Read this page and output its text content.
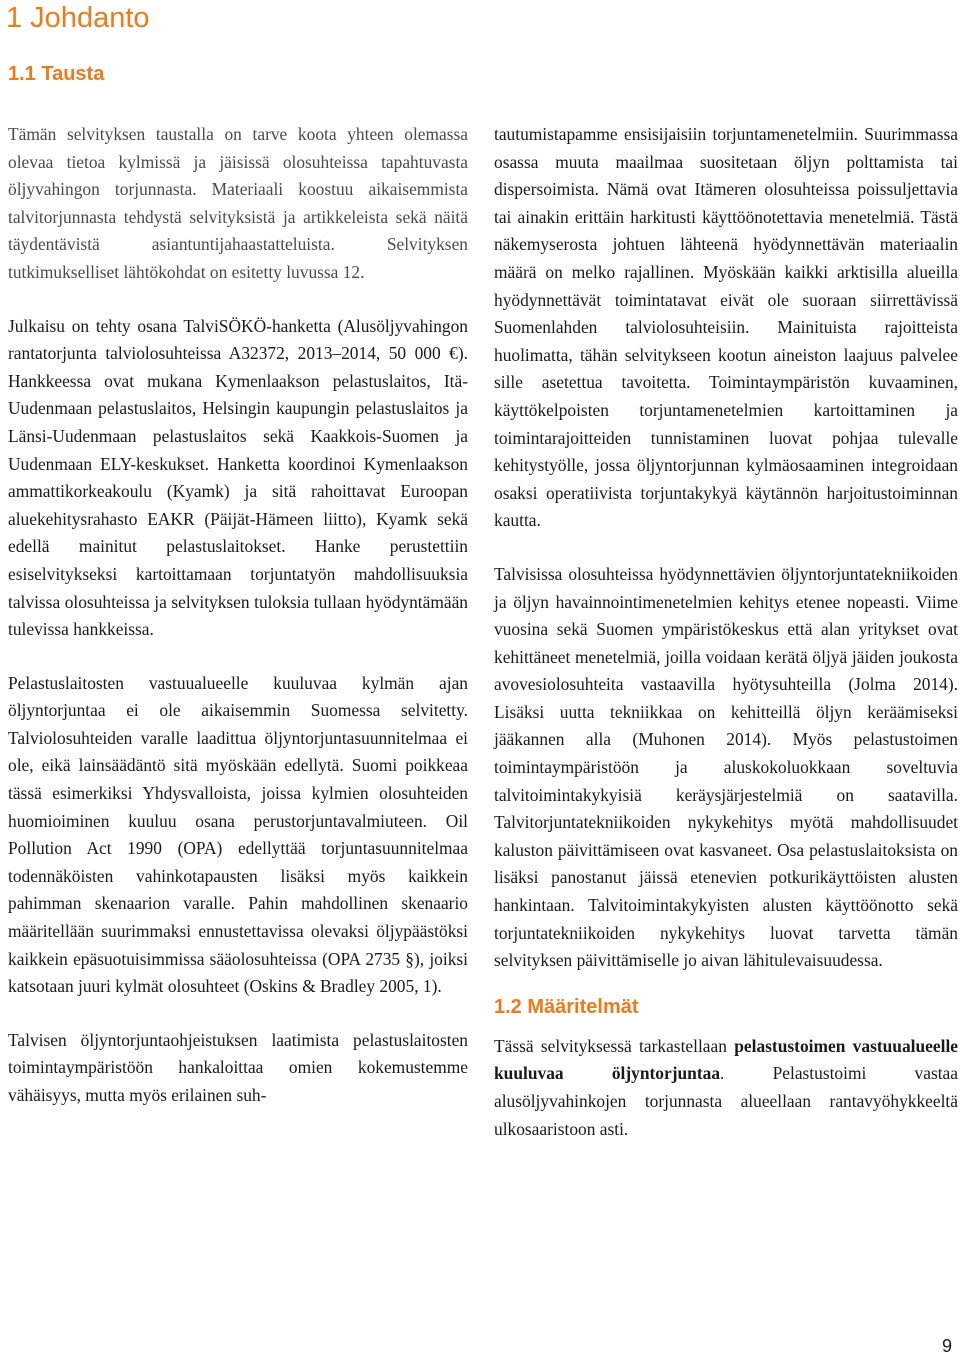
1 Johdanto
1.1 Tausta

Tämän selvityksen taustalla on tarve koota yhteen olemassa olevaa tietoa kylmissä ja jäisissä olosuhteissa tapahtuvasta öljyvahingon torjunnasta. Materiaali koostuu aikaisemmista talvitorjunnasta tehdystä selvityksistä ja artikkeleista sekä näitä täydentävistä asiantuntijahaastatteluista. Selvityksen tutkimukselliset lähtökohdat on esitetty luvussa 12.

Julkaisu on tehty osana TalviSÖKÖ-hanketta (Alusöljyvahingon rantatorjunta talviolosuhteissa A32372, 2013–2014, 50 000 €). Hankkeessa ovat mukana Kymenlaakson pelastuslaitos, Itä-Uudenmaan pelastuslaitos, Helsingin kaupungin pelastuslaitos ja Länsi-Uudenmaan pelastuslaitos sekä Kaakkois-Suomen ja Uudenmaan ELY-keskukset. Hanketta koordinoi Kymenlaakson ammattikorkeakoulu (Kyamk) ja sitä rahoittavat Euroopan aluekehitysrahasto EAKR (Päijät-Hämeen liitto), Kyamk sekä edellä mainitut pelastuslaitokset. Hanke perustettiin esiselvitykseksi kartoittamaan torjuntatyön mahdollisuuksia talvissa olosuhteissa ja selvityksen tuloksia tullaan hyödyntämään tulevissa hankkeissa.

Pelastuslaitosten vastuualueelle kuuluvaa kylmän ajan öljyntorjuntaa ei ole aikaisemmin Suomessa selvitetty. Talviolosuhteiden varalle laadittua öljyntorjuntasuunnitelmaa ei ole, eikä lainsäädäntö sitä myöskään edellytä. Suomi poikkeaa tässä esimerkiksi Yhdysvalloista, joissa kylmien olosuhteiden huomioiminen kuuluu osana perustorjuntavalmiuteen. Oil Pollution Act 1990 (OPA) edellyttää torjuntasuunnitelmaa todennäköisten vahinkotapausten lisäksi myös kaikkein pahimman skenaarion varalle. Pahin mahdollinen skenaario määritellään suurimmaksi ennustettavissa olevaksi öljypäästöksi kaikkein epäsuotuisimmissa sääolosuhteissa (OPA 2735 §), joiksi katsotaan juuri kylmät olosuhteet (Oskins & Bradley 2005, 1).

Talvisen öljyntorjuntaohjeistuksen laatimista pelastuslaitosten toimintaympäristöön hankaloittaa omien kokemustemme vähäisyys, mutta myös erilainen suh-

tautumistapamme ensisijaisiin torjuntamenetelmiin. Suurimmassa osassa muuta maailmaa suositetaan öljyn polttamista tai dispersoimista. Nämä ovat Itämeren olosuhteissa poissuljettavia tai ainakin erittäin harkitusti käyttöönotettavia menetelmiä. Tästä näkemyserosta johtuen lähteenä hyödynnettävän materiaalin määrä on melko rajallinen. Myöskään kaikki arktisilla alueilla hyödynnettävät toimintatavat eivät ole suoraan siirrettävissä Suomenlahden talviolosuhteisiin. Mainituista rajoitteista huolimatta, tähän selvitykseen kootun aineiston laajuus palvelee sille asetettua tavoitetta. Toimintaympäristön kuvaaminen, käyttökelpoisten torjuntamenetelmien kartoittaminen ja toimintarajoitteiden tunnistaminen luovat pohjaa tulevalle kehitystyölle, jossa öljyntorjunnan kylmäosaaminen integroidaan osaksi operatiivista torjuntakykyä käytännön harjoitustoiminnan kautta.

Talvisissa olosuhteissa hyödynnettävien öljyntorjuntatekniikoiden ja öljyn havainnointimenetelmien kehitys etenee nopeasti. Viime vuosina sekä Suomen ympäristökeskus että alan yritykset ovat kehittäneet menetelmiä, joilla voidaan kerätä öljyä jäiden joukosta avovesiolosuhteita vastaavilla hyötysuhteilla (Jolma 2014). Lisäksi uutta tekniikkaa on kehitteillä öljyn keräämiseksi jääkannen alla (Muhonen 2014). Myös pelastustoimen toimintaympäristöön ja aluskokoluokkaan soveltuvia talvitoimintakykyisiä keräysjärjestelmiä on saatavilla. Talvitorjuntatekniikoiden nykykehitys myötä mahdollisuudet kaluston päivittämiseen ovat kasvaneet. Osa pelastuslaitoksista on lisäksi panostanut jäissä etenevien potkurikäyttöisten alusten hankintaan. Talvitoimintakykyisten alusten käyttöönotto sekä torjuntatekniikoiden nykykehitys luovat tarvetta tämän selvityksen päivittämiselle jo aivan lähitulevaisuudessa.

1.2 Määritelmät

Tässä selvityksessä tarkastellaan pelastustoimen vastuualueelle kuuluvaa öljyntorjuntaa. Pelastustoimi vastaa alusöljyvahinkojen torjunnasta alueellaan rantavyöhykkeeltä ulkosaaristoon asti.

9
